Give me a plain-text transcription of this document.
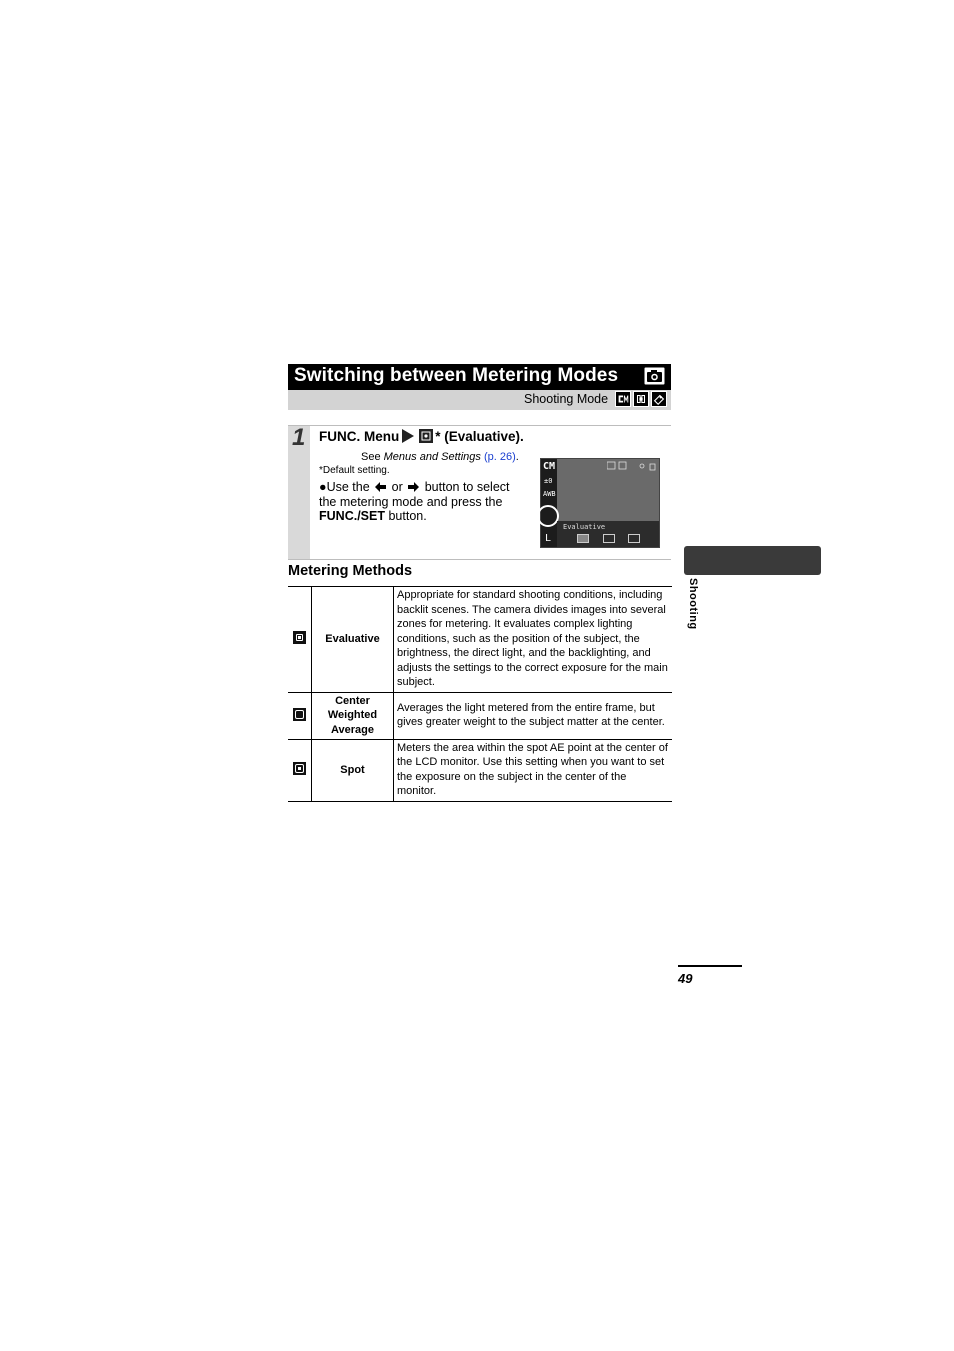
Switching between Metering Modes
Shooting Mode
1 FUNC. Menu	* (Evaluative).
See Menus and Settings (p. 26).
*Default setting.
●Use the or button to select the metering mode and press the FUNC./SET button.
CM
±0
AWB
L
Evaluative
Metering Methods
	Evaluative	Appropriate for standard shooting conditions, including backlit scenes. The camera divides images into several zones for metering. It evaluates complex lighting conditions, such as the position of the subject, the brightness, the direct light, and the backlighting, and adjusts the settings to the correct exposure for the main subject.

	Center
Weighted
Average	Averages the light metered from the entire frame, but gives greater weight to the subject matter at the center.

	Spot	Meters the area within the spot AE point at the center of the LCD monitor. Use this setting when you want to set the exposure on the subject in the center of the monitor.
Shooting
49
